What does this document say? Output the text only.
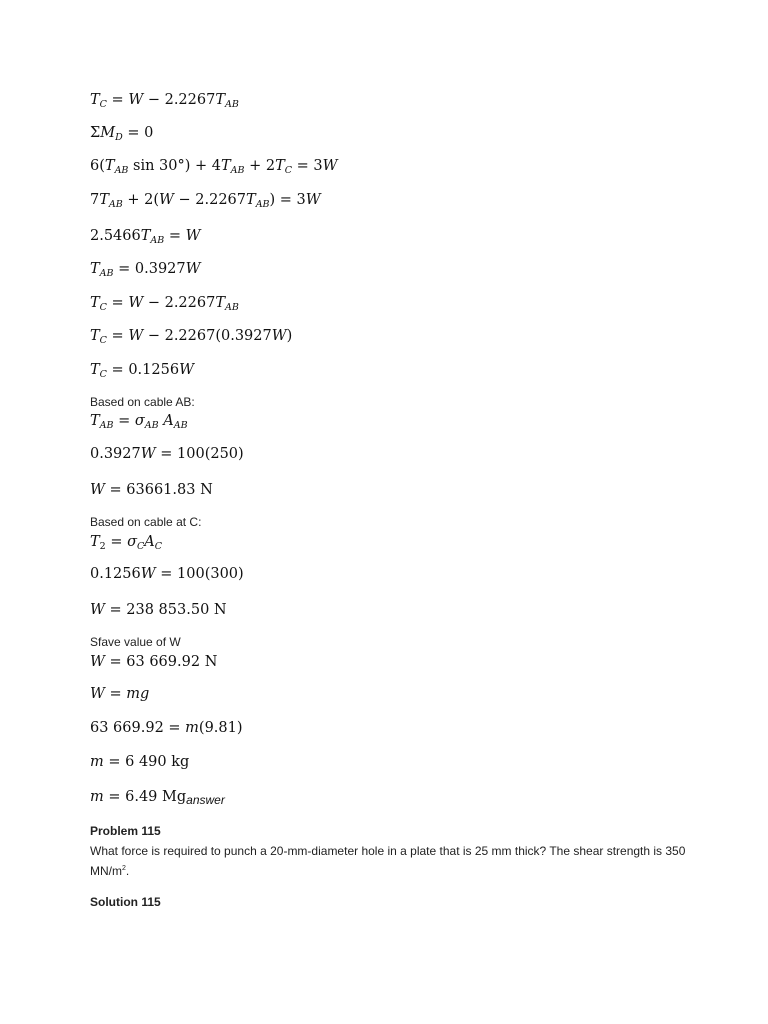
$T_C = W - 2.2267T_{AB}$
$\Sigma M_D = 0$
$6(T_{AB}$ $\sin 30^\circ) + 4T_{AB} + 2T_C = 3W$
$7T_{AB} + 2(W - 2.2267T_{AB}) = 3W$
$2.5466T_{AB} = W$
$T_{AB} = 0.3927W$
$T_C = W - 2.2267T_{AB}$
$T_C = W - 2.2267(0.3927W)$
$T_C = 0.1256W$
Based on cable AB:
$T_{AB} = \sigma_{AB}$ $A_{AB}$
0.3927W = 100(250)
W = 63661.83 N
Based on cable at C:
$T_2 = \sigma_CA_C$
0.1256W = 100(300)
W = 238 853.50 N
Sfave value of W
W = 63 669.92 N
W = mg
63 669.92 = m(9.81)
m = 6 490 kg
m = 6.49 $Mg_{answer}$
Problem 115
What force is required to punch a 20-mm-diameter hole in a plate that is 25 mm thick? The shear strength is 350 $MN/m^2$.
Solution 115
